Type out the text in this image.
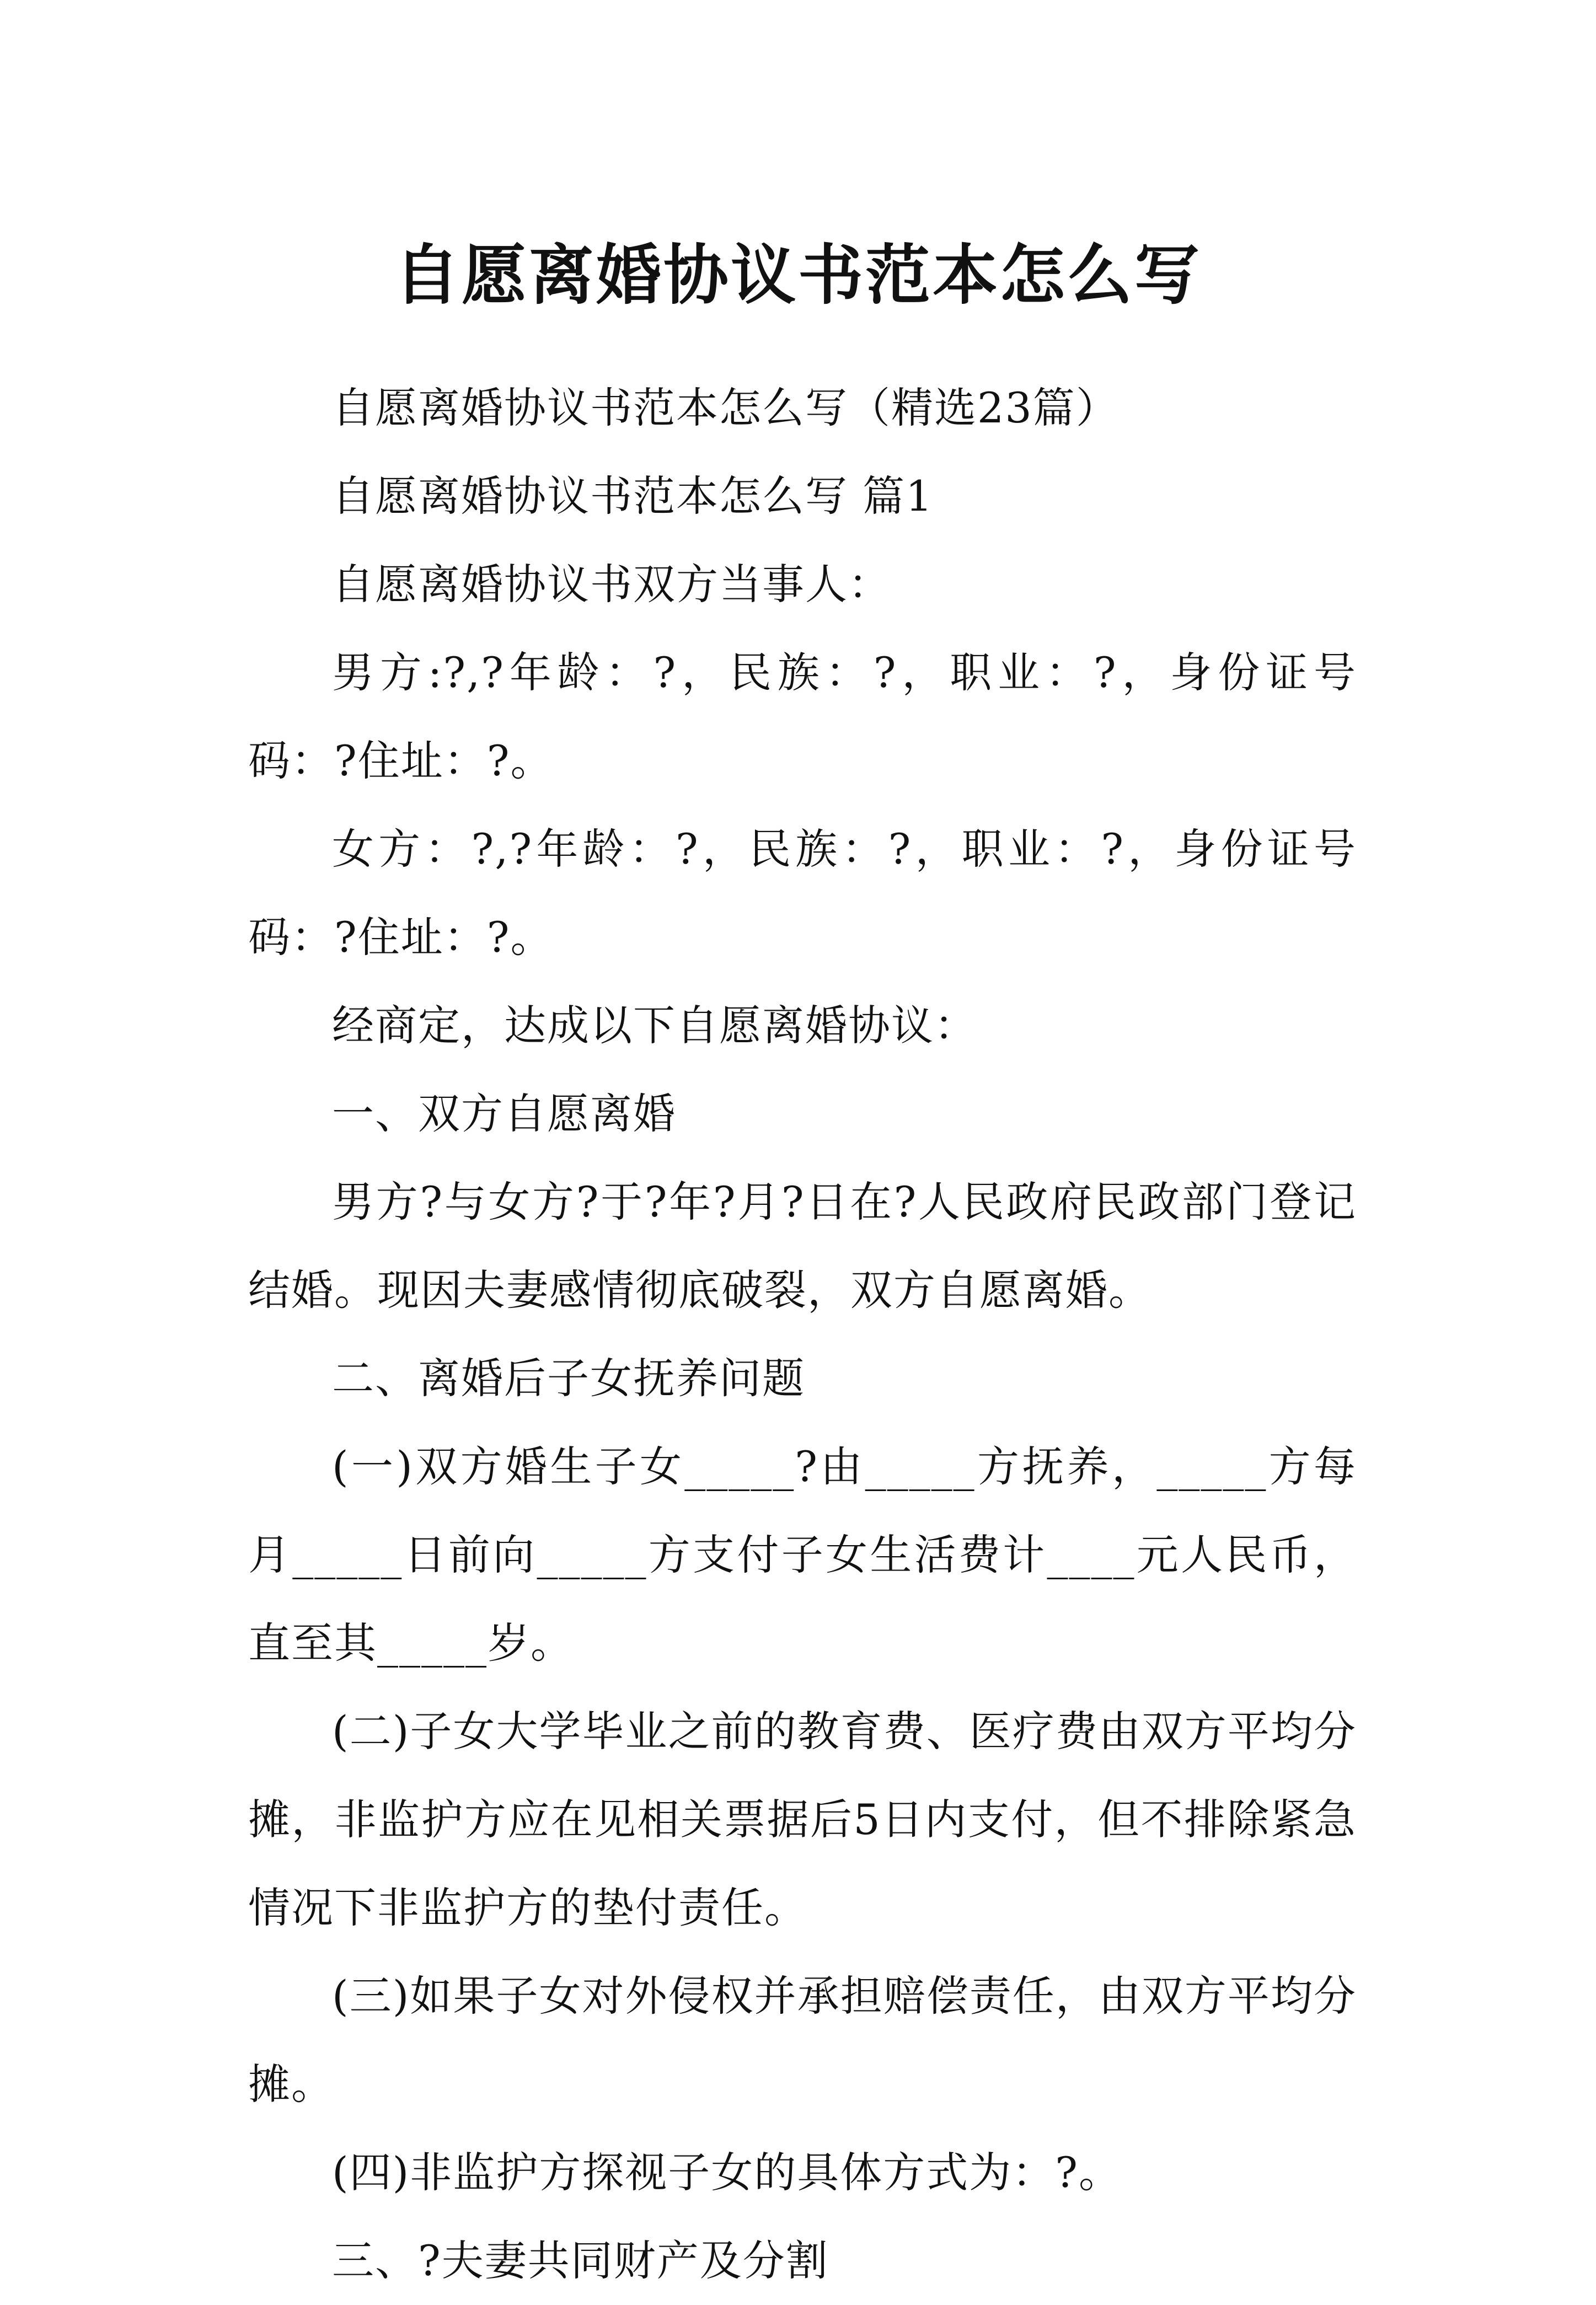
自愿离婚协议书范本怎么写

自愿离婚协议书范本怎么写（精选23篇）

自愿离婚协议书范本怎么写 篇1

自愿离婚协议书双方当事人：

男方:?,?年龄：?，民族：?，职业：?，身份证号码：?住址：?。

女方：?,?年龄：?，民族：?，职业：?，身份证号码：?住址：?。

经商定，达成以下自愿离婚协议：

一、双方自愿离婚

男方?与女方?于?年?月?日在?人民政府民政部门登记结婚。现因夫妻感情彻底破裂，双方自愿离婚。

二、离婚后子女抚养问题

(一)双方婚生子女_____?由_____方抚养，_____方每月_____日前向_____方支付子女生活费计____元人民币，直至其_____岁。

(二)子女大学毕业之前的教育费、医疗费由双方平均分摊，非监护方应在见相关票据后5日内支付，但不排除紧急情况下非监护方的垫付责任。

(三)如果子女对外侵权并承担赔偿责任，由双方平均分摊。

(四)非监护方探视子女的具体方式为：?。

三、?夫妻共同财产及分割
